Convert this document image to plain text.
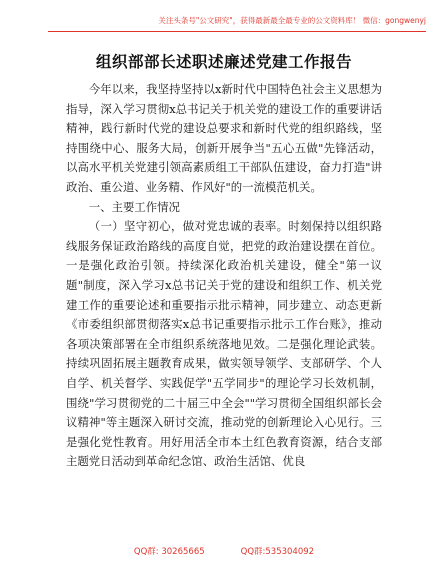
关注头条号"公文研究"，获得最新最全最专业的公文资料库！ 微信：gongwenyj
组织部部长述职述廉述党建工作报告

今年以来，我坚持坚持以x新时代中国特色社会主义思想为指导，深入学习贯彻x总书记关于机关党的建设工作的重要讲话精神，践行新时代党的建设总要求和新时代党的组织路线，坚持围绕中心、服务大局，创新开展争当"五心五做"先锋活动，以高水平机关党建引领高素质组工干部队伍建设，奋力打造"讲政治、重公道、业务精、作风好"的一流模范机关。

一、主要工作情况

（一）坚守初心，做对党忠诚的表率。时刻保持以组织路线服务保证政治路线的高度自觉，把党的政治建设摆在首位。一是强化政治引领。持续深化政治机关建设，健全"第一议题"制度，深入学习x总书记关于党的建设和组织工作、机关党建工作的重要论述和重要指示批示精神，同步建立、动态更新《市委组织部贯彻落实x总书记重要指示批示工作台账》，推动各项决策部署在全市组织系统落地见效。二是强化理论武装。持续巩固拓展主题教育成果，做实领导领学、支部研学、个人自学、机关督学、实践促学"五学同步"的理论学习长效机制，围绕"学习贯彻党的二十届三中全会""学习贯彻全国组织部长会议精神"等主题深入研讨交流，推动党的创新理论入心见行。三是强化党性教育。用好用活全市本土红色教育资源，结合支部主题党日活动到革命纪念馆、政治生活馆、优良

QQ群: 30265665	QQ群:535304092
